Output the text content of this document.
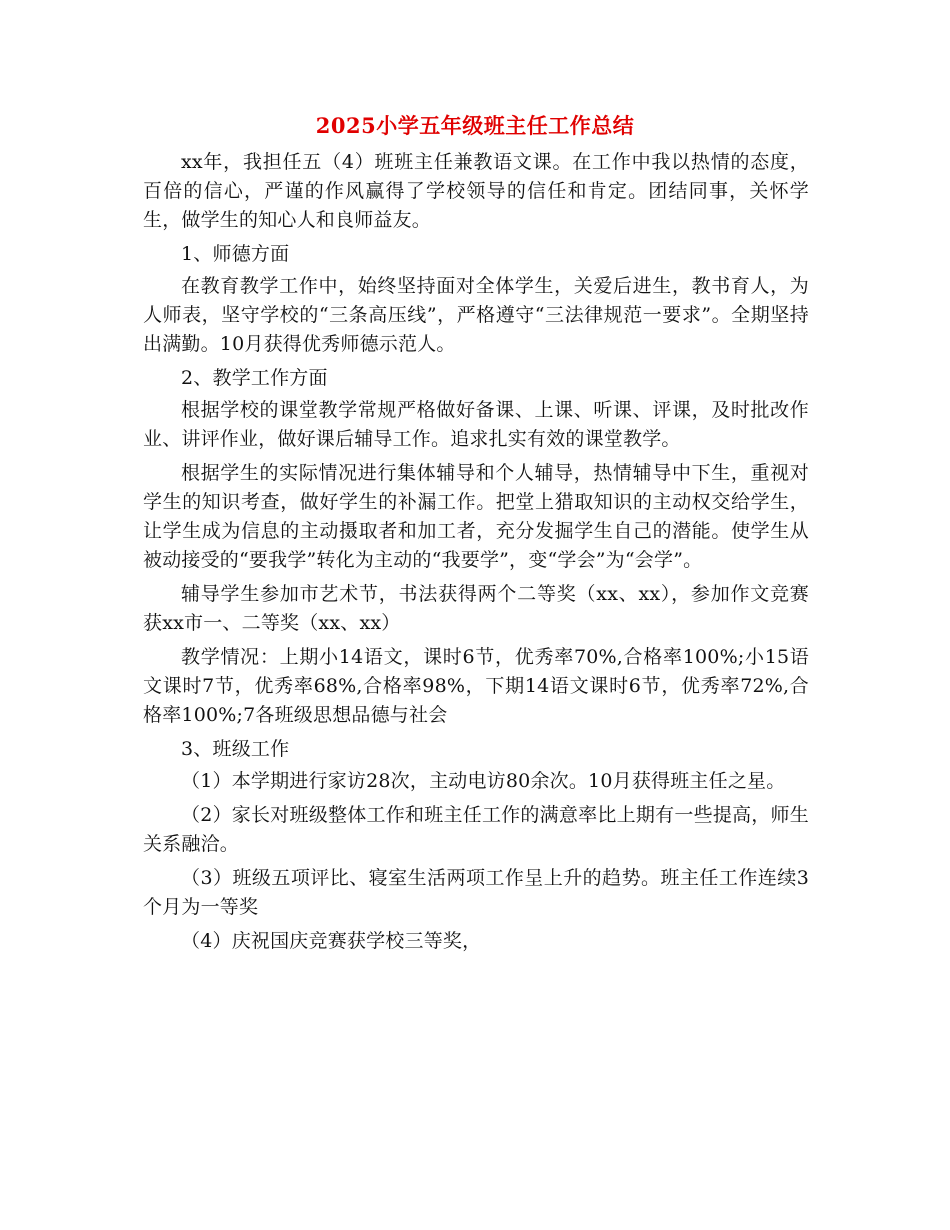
2025小学五年级班主任工作总结

xx年，我担任五（4）班班主任兼教语文课。在工作中我以热情的态度，百倍的信心，严谨的作风赢得了学校领导的信任和肯定。团结同事，关怀学生，做学生的知心人和良师益友。

1、师德方面

在教育教学工作中，始终坚持面对全体学生，关爱后进生，教书育人，为人师表，坚守学校的“三条高压线”，严格遵守“三法律规范一要求”。全期坚持出满勤。10月获得优秀师德示范人。

2、教学工作方面

根据学校的课堂教学常规严格做好备课、上课、听课、评课，及时批改作业、讲评作业，做好课后辅导工作。追求扎实有效的课堂教学。

根据学生的实际情况进行集体辅导和个人辅导，热情辅导中下生，重视对学生的知识考查，做好学生的补漏工作。把堂上猎取知识的主动权交给学生，让学生成为信息的主动摄取者和加工者，充分发掘学生自己的潜能。使学生从被动接受的“要我学”转化为主动的“我要学”，变“学会”为“会学”。

辅导学生参加市艺术节，书法获得两个二等奖（xx、xx），参加作文竞赛获xx市一、二等奖（xx、xx）

教学情况：上期小14语文，课时6节，优秀率70%,合格率100%;小15语文课时7节，优秀率68%,合格率98%，下期14语文课时6节，优秀率72%,合格率100%;7各班级思想品德与社会

3、班级工作

（1）本学期进行家访28次，主动电访80余次。10月获得班主任之星。

（2）家长对班级整体工作和班主任工作的满意率比上期有一些提高，师生关系融洽。

（3）班级五项评比、寝室生活两项工作呈上升的趋势。班主任工作连续3个月为一等奖

（4）庆祝国庆竞赛获学校三等奖，
